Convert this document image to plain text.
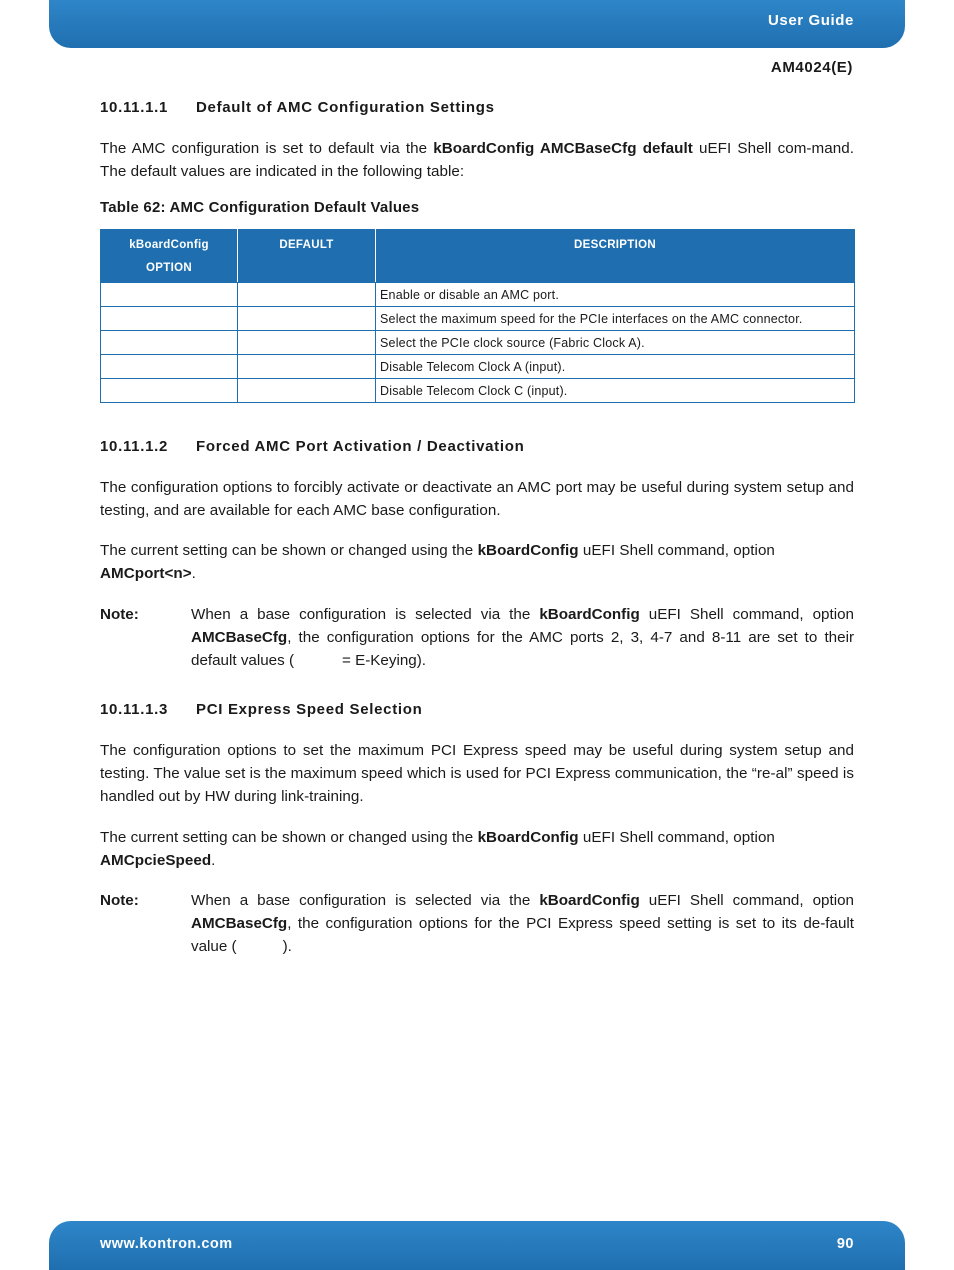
User Guide
AM4024(E)
10.11.1.1 Default of AMC Configuration Settings

The AMC configuration is set to default via the kBoardConfig AMCBaseCfg default uEFI Shell com-mand. The default values are indicated in the following table:

Table 62: AMC Configuration Default Values
kBoardConfig
OPTION	DEFAULT	DESCRIPTION
		Enable or disable an AMC port.
		Select the maximum speed for the PCIe interfaces on the AMC connector.
		Select the PCIe clock source (Fabric Clock A).
		Disable Telecom Clock A (input).
		Disable Telecom Clock C (input).
10.11.1.2 Forced AMC Port Activation / Deactivation

The configuration options to forcibly activate or deactivate an AMC port may be useful during system setup and testing, and are available for each AMC base configuration.

The current setting can be shown or changed using the kBoardConfig uEFI Shell command, option
AMCport<n>.

Note:	When a base configuration is selected via the kBoardConfig uEFI Shell command, option AMCBaseCfg, the configuration options for the AMC ports 2, 3, 4-7 and 8-11 are set to their default values (	= E-Keying).

10.11.1.3 PCI Express Speed Selection

The configuration options to set the maximum PCI Express speed may be useful during system setup and testing. The value set is the maximum speed which is used for PCI Express communication, the “re-al” speed is handled out by HW during link-training.

The current setting can be shown or changed using the kBoardConfig uEFI Shell command, option
AMCpcieSpeed.

Note:	When a base configuration is selected via the kBoardConfig uEFI Shell command, option AMCBaseCfg, the configuration options for the PCI Express speed setting is set to its de-fault value (	).

www.kontron.com	90
